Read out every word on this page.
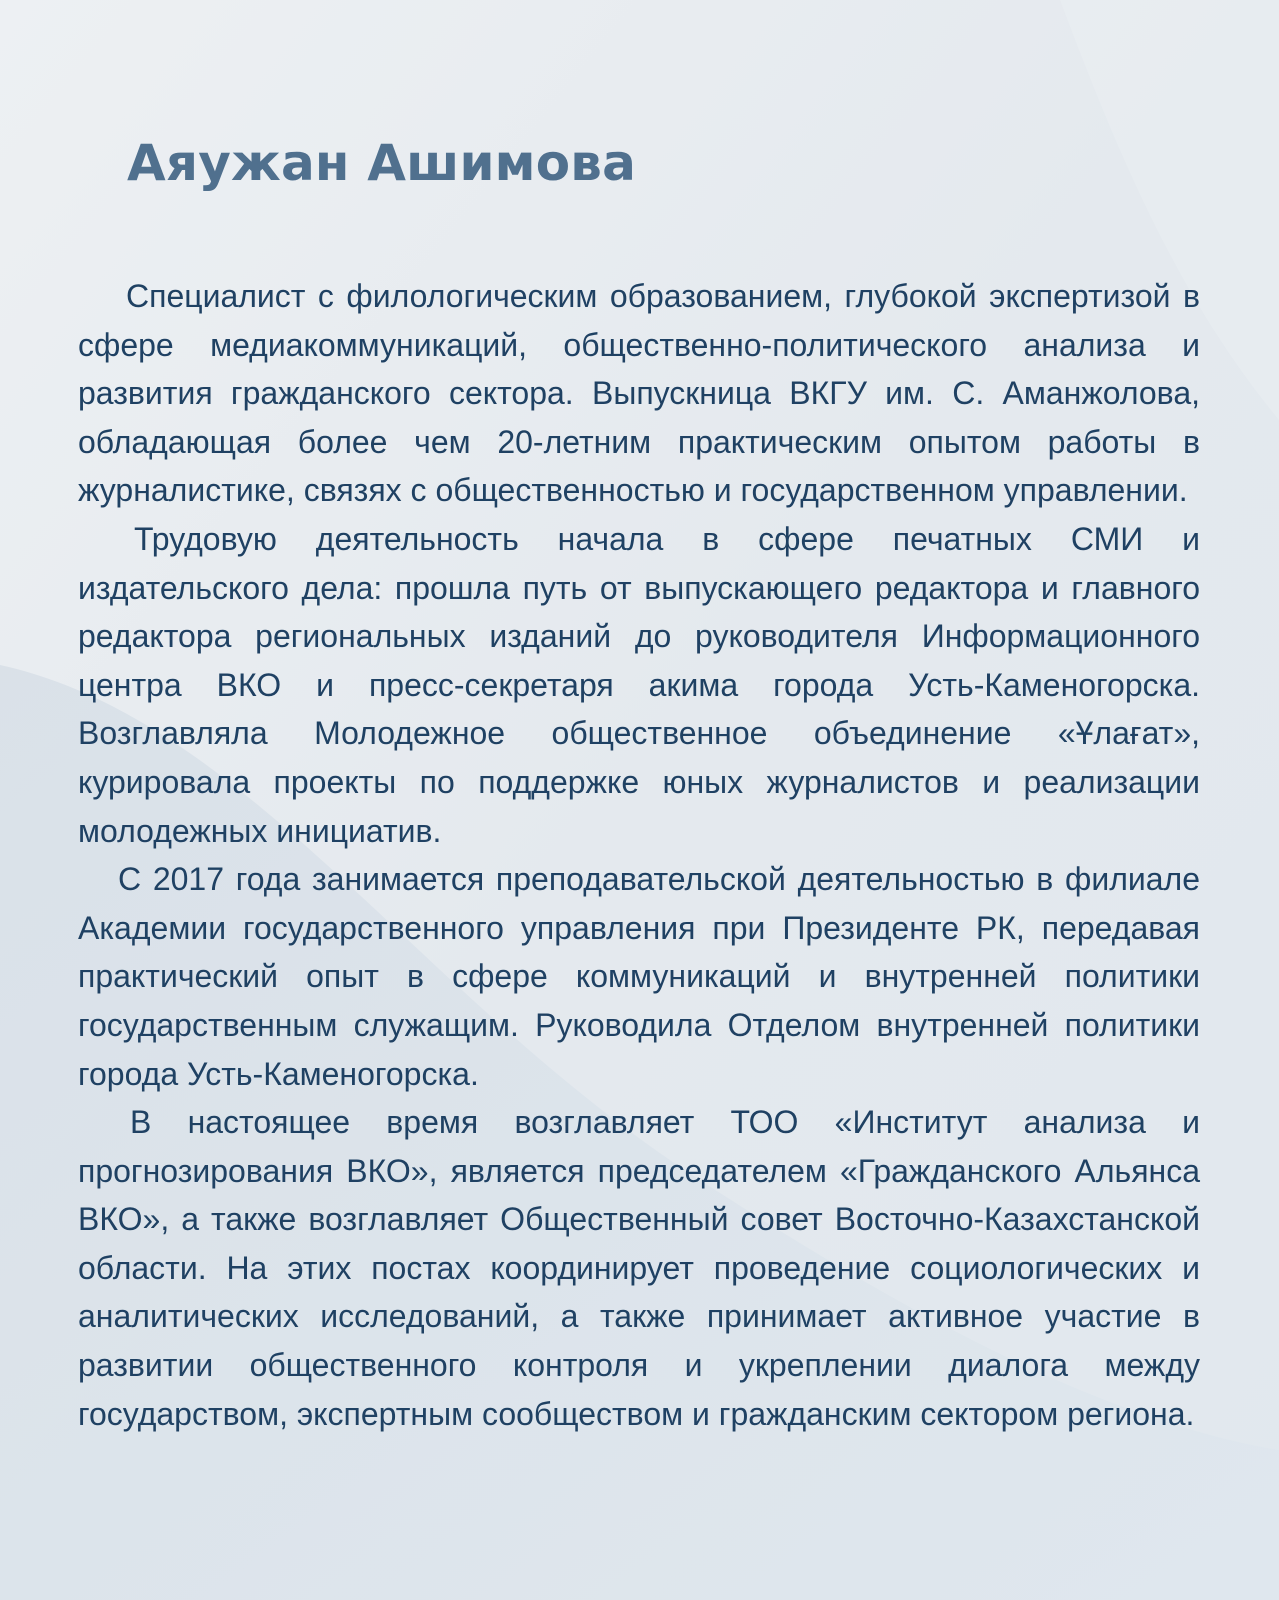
Аяужан Ашимова

Специалист с филологическим образованием, глубокой экспертизой в сфере медиакоммуникаций, общественно-политического анализа и развития гражданского сектора. Выпускница ВКГУ им. С. Аманжолова, обладающая более чем 20-летним практическим опытом работы в журналистике, связях с общественностью и государственном управлении.

Трудовую деятельность начала в сфере печатных СМИ и издательского дела: прошла путь от выпускающего редактора и главного редактора региональных изданий до руководителя Информационного центра ВКО и пресс-секретаря акима города Усть-Каменогорска. Возглавляла Молодежное общественное объединение «Ұлағат», курировала проекты по поддержке юных журналистов и реализации молодежных инициатив.

С 2017 года занимается преподавательской деятельностью в филиале Академии государственного управления при Президенте РК, передавая практический опыт в сфере коммуникаций и внутренней политики государственным служащим. Руководила Отделом внутренней политики города Усть-Каменогорска.

В настоящее время возглавляет ТОО «Институт анализа и прогнозирования ВКО», является председателем «Гражданского Альянса ВКО», а также возглавляет Общественный совет Восточно-Казахстанской области. На этих постах координирует проведение социологических и аналитических исследований, а также принимает активное участие в развитии общественного контроля и укреплении диалога между государством, экспертным сообществом и гражданским сектором региона.
